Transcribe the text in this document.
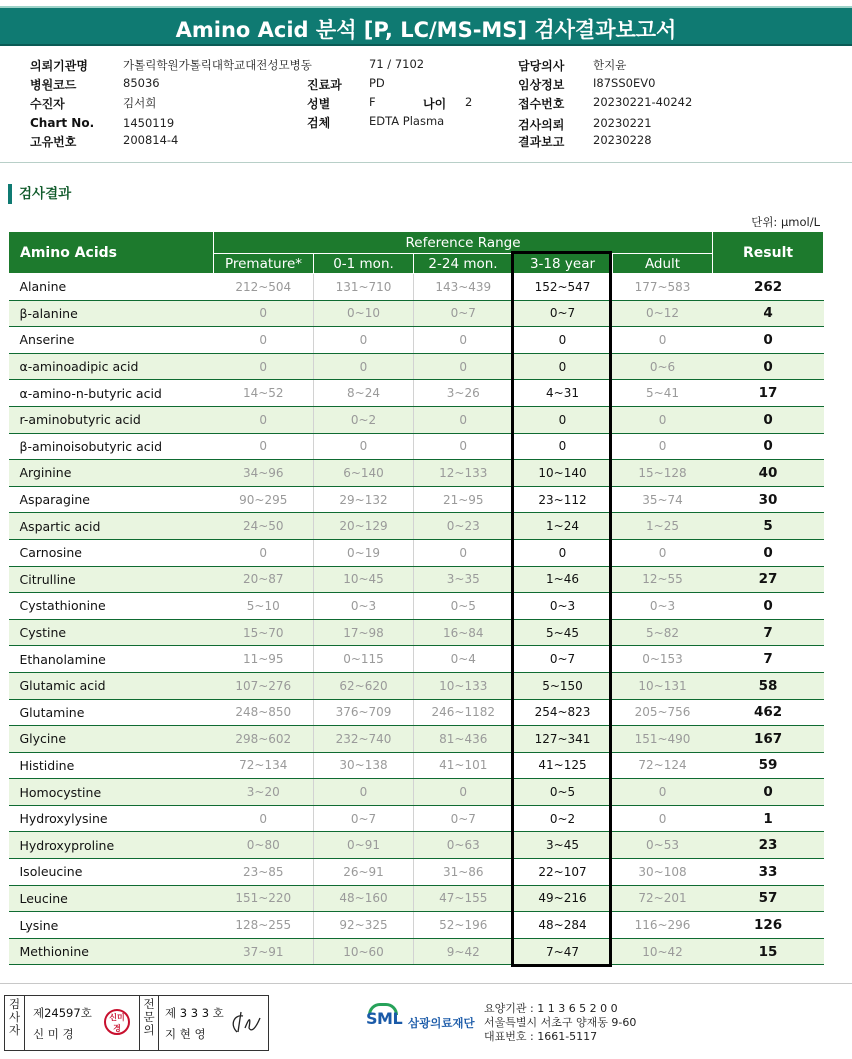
Amino Acid 분석 [P, LC/MS-MS] 검사결과보고서
의뢰기관명	가톨릭학원가톨릭대학교대전성모병동	71 / 7102
병원코드	85036
수진자	김서희
Chart No.	1450119
고유번호	200814-4
진료과 PD
성별	F	나이 2
검체	EDTA Plasma
담당의사 한지윤
임상정보 I87SS0EV0
접수번호 20230221-40242
검사의뢰 20230221
결과보고 20230228
검사결과
단위: μmol/L
Amino Acids	Reference Range					Result
	Premature*	0-1 mon.	2-24 mon.	3-18 year	Adult	
Alanine	212~504	131~710	143~439	152~547	177~583	262
β-alanine	0	0~10	0~7	0~7	0~12	4
Anserine	0	0	0	0	0	0
α-aminoadipic acid	0	0	0	0	0~6	0
α-amino-n-butyric acid	14~52	8~24	3~26	4~31	5~41	17
r-aminobutyric acid	0	0~2	0	0	0	0
β-aminoisobutyric acid	0	0	0	0	0	0
Arginine	34~96	6~140	12~133	10~140	15~128	40
Asparagine	90~295	29~132	21~95	23~112	35~74	30
Aspartic acid	24~50	20~129	0~23	1~24	1~25	5
Carnosine	0	0~19	0	0	0	0
Citrulline	20~87	10~45	3~35	1~46	12~55	27
Cystathionine	5~10	0~3	0~5	0~3	0~3	0
Cystine	15~70	17~98	16~84	5~45	5~82	7
Ethanolamine	11~95	0~115	0~4	0~7	0~153	7
Glutamic acid	107~276	62~620	10~133	5~150	10~131	58
Glutamine	248~850	376~709	246~1182	254~823	205~756	462
Glycine	298~602	232~740	81~436	127~341	151~490	167
Histidine	72~134	30~138	41~101	41~125	72~124	59
Homocystine	3~20	0	0	0~5	0	0
Hydroxylysine	0	0~7	0~7	0~2	0	1
Hydroxyproline	0~80	0~91	0~63	3~45	0~53	23
Isoleucine	23~85	26~91	31~86	22~107	30~108	33
Leucine	151~220	48~160	47~155	49~216	72~201	57
Lysine	128~255	92~325	52~196	48~284	116~296	126
Methionine	37~91	10~60	9~42	7~47	10~42	15
검사자
제24597호
신 미 경
신미경
전문의
제 3 3 3 호
지 현 영
SML 삼광의료재단
요양기관 : 1 1 3 6 5 2 0 0
서울특별시 서초구 양재동 9-60
대표번호 : 1661-5117
